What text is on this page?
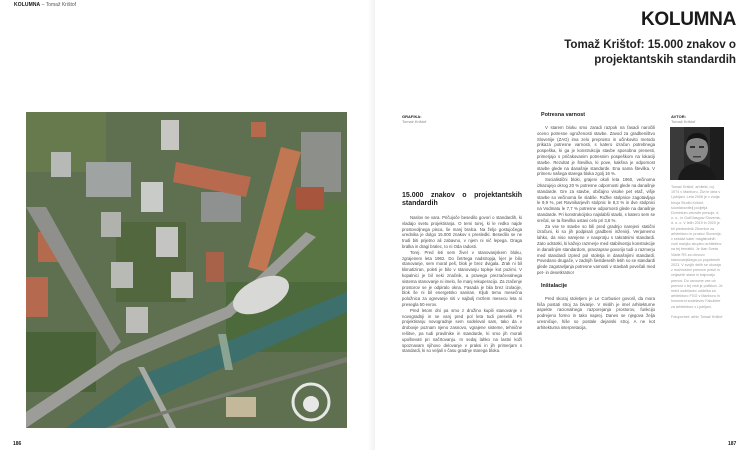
KOLUMNA – Tomaž Krištof
186
KOLUMNA
Tomaž Krištof: 15.000 znakov o projektantskih standardih
GRAFIKA:
Tomaž Krištof
15.000 znakov o projektantskih standardih

Naslov ne vara. Pričujoče besedilo govori o standardih, ki vladajo svetu projektiranja. O temi torej, ki le redko najde prostovoljnega pisca, še manj bralca. Na željo gostujočega urednika je dolgo 15.000 znakov s presledki. Besedilo se ne trudi biti prijetno ali zabavno, v njem ni nič lepega. Draga bralka in dragi bralec, to ni Oda radosti.

Torej. Pred leti sem živel v stanovanjskem bloku, zgrajenem leta 1962. Do četrtega nadstropja, kjer je bilo stanovanje, sem moral peš, blok je brez dvigala. Zrak ni bil klimatiziran, poleti je bilo v stanovanju topleje kot pozimi. V kopalnici je bil neki značnik, a pravega prezračevalnega sistema stanovanje ni imelo, še manj rekuperacijo. Za zračenje prostorov se je odpiralo okna. Fasada je bila brez izolacije, blok še ni bil energetsko saniran. Kljub temu mesečna položnica za ogrevanje niti v najbolj mrzlem mesecu leta ni presegla 50 evrov.

Pred letom dni pa smo z družino kupili stanovanje v novogradnji in se vanj pred pol leta tudi preselili. Pri projektiranju novogradnje sem sodeloval sam, tako da v drobovje poznam njeno zasnovo, vgrajene sisteme, tehnične rešitve, pa tudi pravilnike in standarde, ki smo jih morali upoštevati pri načrtovanju. In sedaj lahko na lastni koži spoznavam njihovo delovanje v praksi in jih primerjam s standardi, ki so veljali v času gradnje starega bloka.

Potresna varnost

V starem bloku smo zaradi razpok na fasadi naročili oceno potresne ogroženosti stavbe. Zavod za gradbeništvo Slovenije (ZAG) ima zelo preprosto in učinkovito metodo prikaza potresne varnosti, s katero izračun potrebnega pospeška, ki ga je konstrukcija stavbe sposobna prenesti, primerjajo s pričakovanim potresnim pospeškom na lokaciji stavbe. Rezultat je številka, ki pove, kakšna je odpornost stavbe glede na današnje standarde. Ena sama številka. V primeru našega starega bloka zgolj 16 %.

Socialistični bloki, grajeni okoli leta 1960, večinoma izkazujejo okrog 20 % potresne odpornosti glede na današnje standarde. Gre za stavbe, običajno visoke pet etaž, višje stavbe so večinoma še slabše. Rožke stolpnice zagotavljajo le 9,9 %, pet Ravnikarjevih stolpnic le 8,3 % in dve stolpnici na Vodmatu le 7,7 % potresne odpornosti glede na današnje standarde. Pri konstrukcijsko najslabši stavbi, s katero sem se srečal, se ta številka ustavi celo pri 3,6 %.

Za vse te stavbe so bili pred gradnjo narejeni statični izračuni, ki so jih podpisali gradbeni inženirji. Verjamemo lahko, da niso narejene v nasprotju s takratnimi standardi. Zato odstotki, ki kažejo razmerje med stabilnostjo konstrukcije in današnjim standardom, pravzaprav govorijo tudi o razmerju med standardi izpred pol stoletja in današnjimi standardi. Povedano drugače, v zadnjih šestdesetih letih so se standardi glede zagotavljanja potresne varnosti v stavbah povečali med pet- in desetkratno!

Inštalacije

Pred skoraj stoletjem je Le Corbusier govoril, da mora hiša postati stroj za bivanje. V mislih je imel arhitekturne aspekte racionalnega razporejanja prostorov, funkcijo podrejeno formo in tako naprej. Danes se njegova želja uresničuje, hiše so postale dejanski stroj. A ne kot arhitekturna interpretacija,

AVTOR:
Tomaž Krištof

Tomaž Krištof, arhitekt, roj. 1974 v Mariboru. Živi in dela v Ljubljani. Leta 2006 je v vodja biroja Studio Krištof, soustanovitelj podjetja Dominium celovite presoje, d. o. o., in GutGlasgow Slovenia, d. o. o. V letih 2019 in 2020 je bil predsednik Zbornice za arhitekturo in prostor Slovenije, v sestavi kater magistralnih vodi manjšo skupino arhitektov na tej tematiki. Je član Sveta Vlade RS za obnovo stanovanjskega po popotresih 2023. V svojih delih se ukvarja z možnostmi prenove pravil in veljavnih stavb in trajnostjo prenov. Do osnovne vse ob prenovi v tej vrsti je politikov. Je redni sodelavec oddelka za arhitekturo FGG v Mariboru in honorarni sodelavec Fakultete za arhitekturo v Ljubljani.

Fotoportret: arhiv Tomaž Krištof

187
